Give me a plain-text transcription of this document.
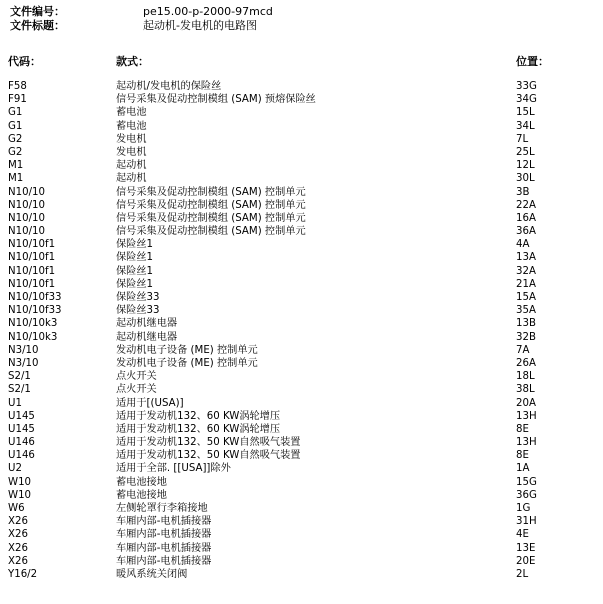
文件编号：	pe15.00-p-2000-97mcd
文件标题：	起动机-发电机的电路图
代码：	款式：	位置：
F58	起动机/发电机的保险丝	33G
F91	信号采集及促动控制模组 (SAM) 预熔保险丝	34G
G1	蓄电池	15L
G1	蓄电池	34L
G2	发电机	7L
G2	发电机	25L
M1	起动机	12L
M1	起动机	30L
N10/10	信号采集及促动控制模组 (SAM) 控制单元	3B
N10/10	信号采集及促动控制模组 (SAM) 控制单元	22A
N10/10	信号采集及促动控制模组 (SAM) 控制单元	16A
N10/10	信号采集及促动控制模组 (SAM) 控制单元	36A
N10/10f1	保险丝1	4A
N10/10f1	保险丝1	13A
N10/10f1	保险丝1	32A
N10/10f1	保险丝1	21A
N10/10f33	保险丝33	15A
N10/10f33	保险丝33	35A
N10/10k3	起动机继电器	13B
N10/10k3	起动机继电器	32B
N3/10	发动机电子设备 (ME) 控制单元	7A
N3/10	发动机电子设备 (ME) 控制单元	26A
S2/1	点火开关	18L
S2/1	点火开关	38L
U1	适用于[(USA)]	20A
U145	适用于发动机132、60 KW涡轮增压	13H
U145	适用于发动机132、60 KW涡轮增压	8E
U146	适用于发动机132、50 KW自然吸气装置	13H
U146	适用于发动机132、50 KW自然吸气装置	8E
U2	适用于全部. [[USA]]除外	1A
W10	蓄电池接地	15G
W10	蓄电池接地	36G
W6	左侧轮罩行李箱接地	1G
X26	车厢内部-电机插接器	31H
X26	车厢内部-电机插接器	4E
X26	车厢内部-电机插接器	13E
X26	车厢内部-电机插接器	20E
Y16/2	暖风系统关闭阀	2L
